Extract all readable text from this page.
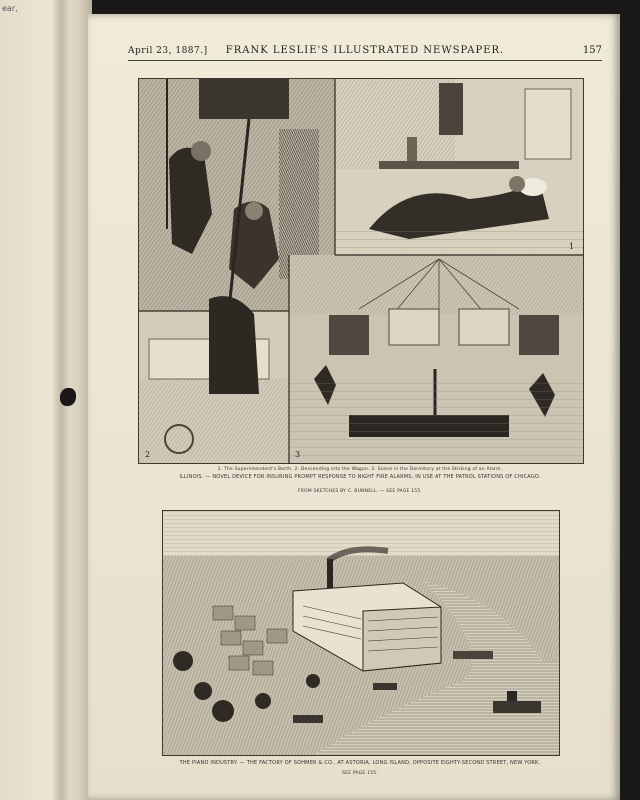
ear,
April 23, 1887.]	FRANK LESLIE'S ILLUSTRATED NEWSPAPER.	157
1
2	3
1. The Superintendent's Berth. 2. Descending into the Wagon. 3. Scene in the Dormitory at the Striking of an Alarm.
ILLINOIS. — NOVEL DEVICE FOR INSURING PROMPT RESPONSE TO NIGHT FIRE ALARMS, IN USE AT THE PATROL STATIONS OF CHICAGO.
FROM SKETCHES BY C. BUNNELL. — SEE PAGE 155.
THE PIANO INDUSTRY. — THE FACTORY OF SOHMER & CO., AT ASTORIA, LONG ISLAND, OPPOSITE EIGHTY-SECOND STREET, NEW YORK.
SEE PAGE 155.
